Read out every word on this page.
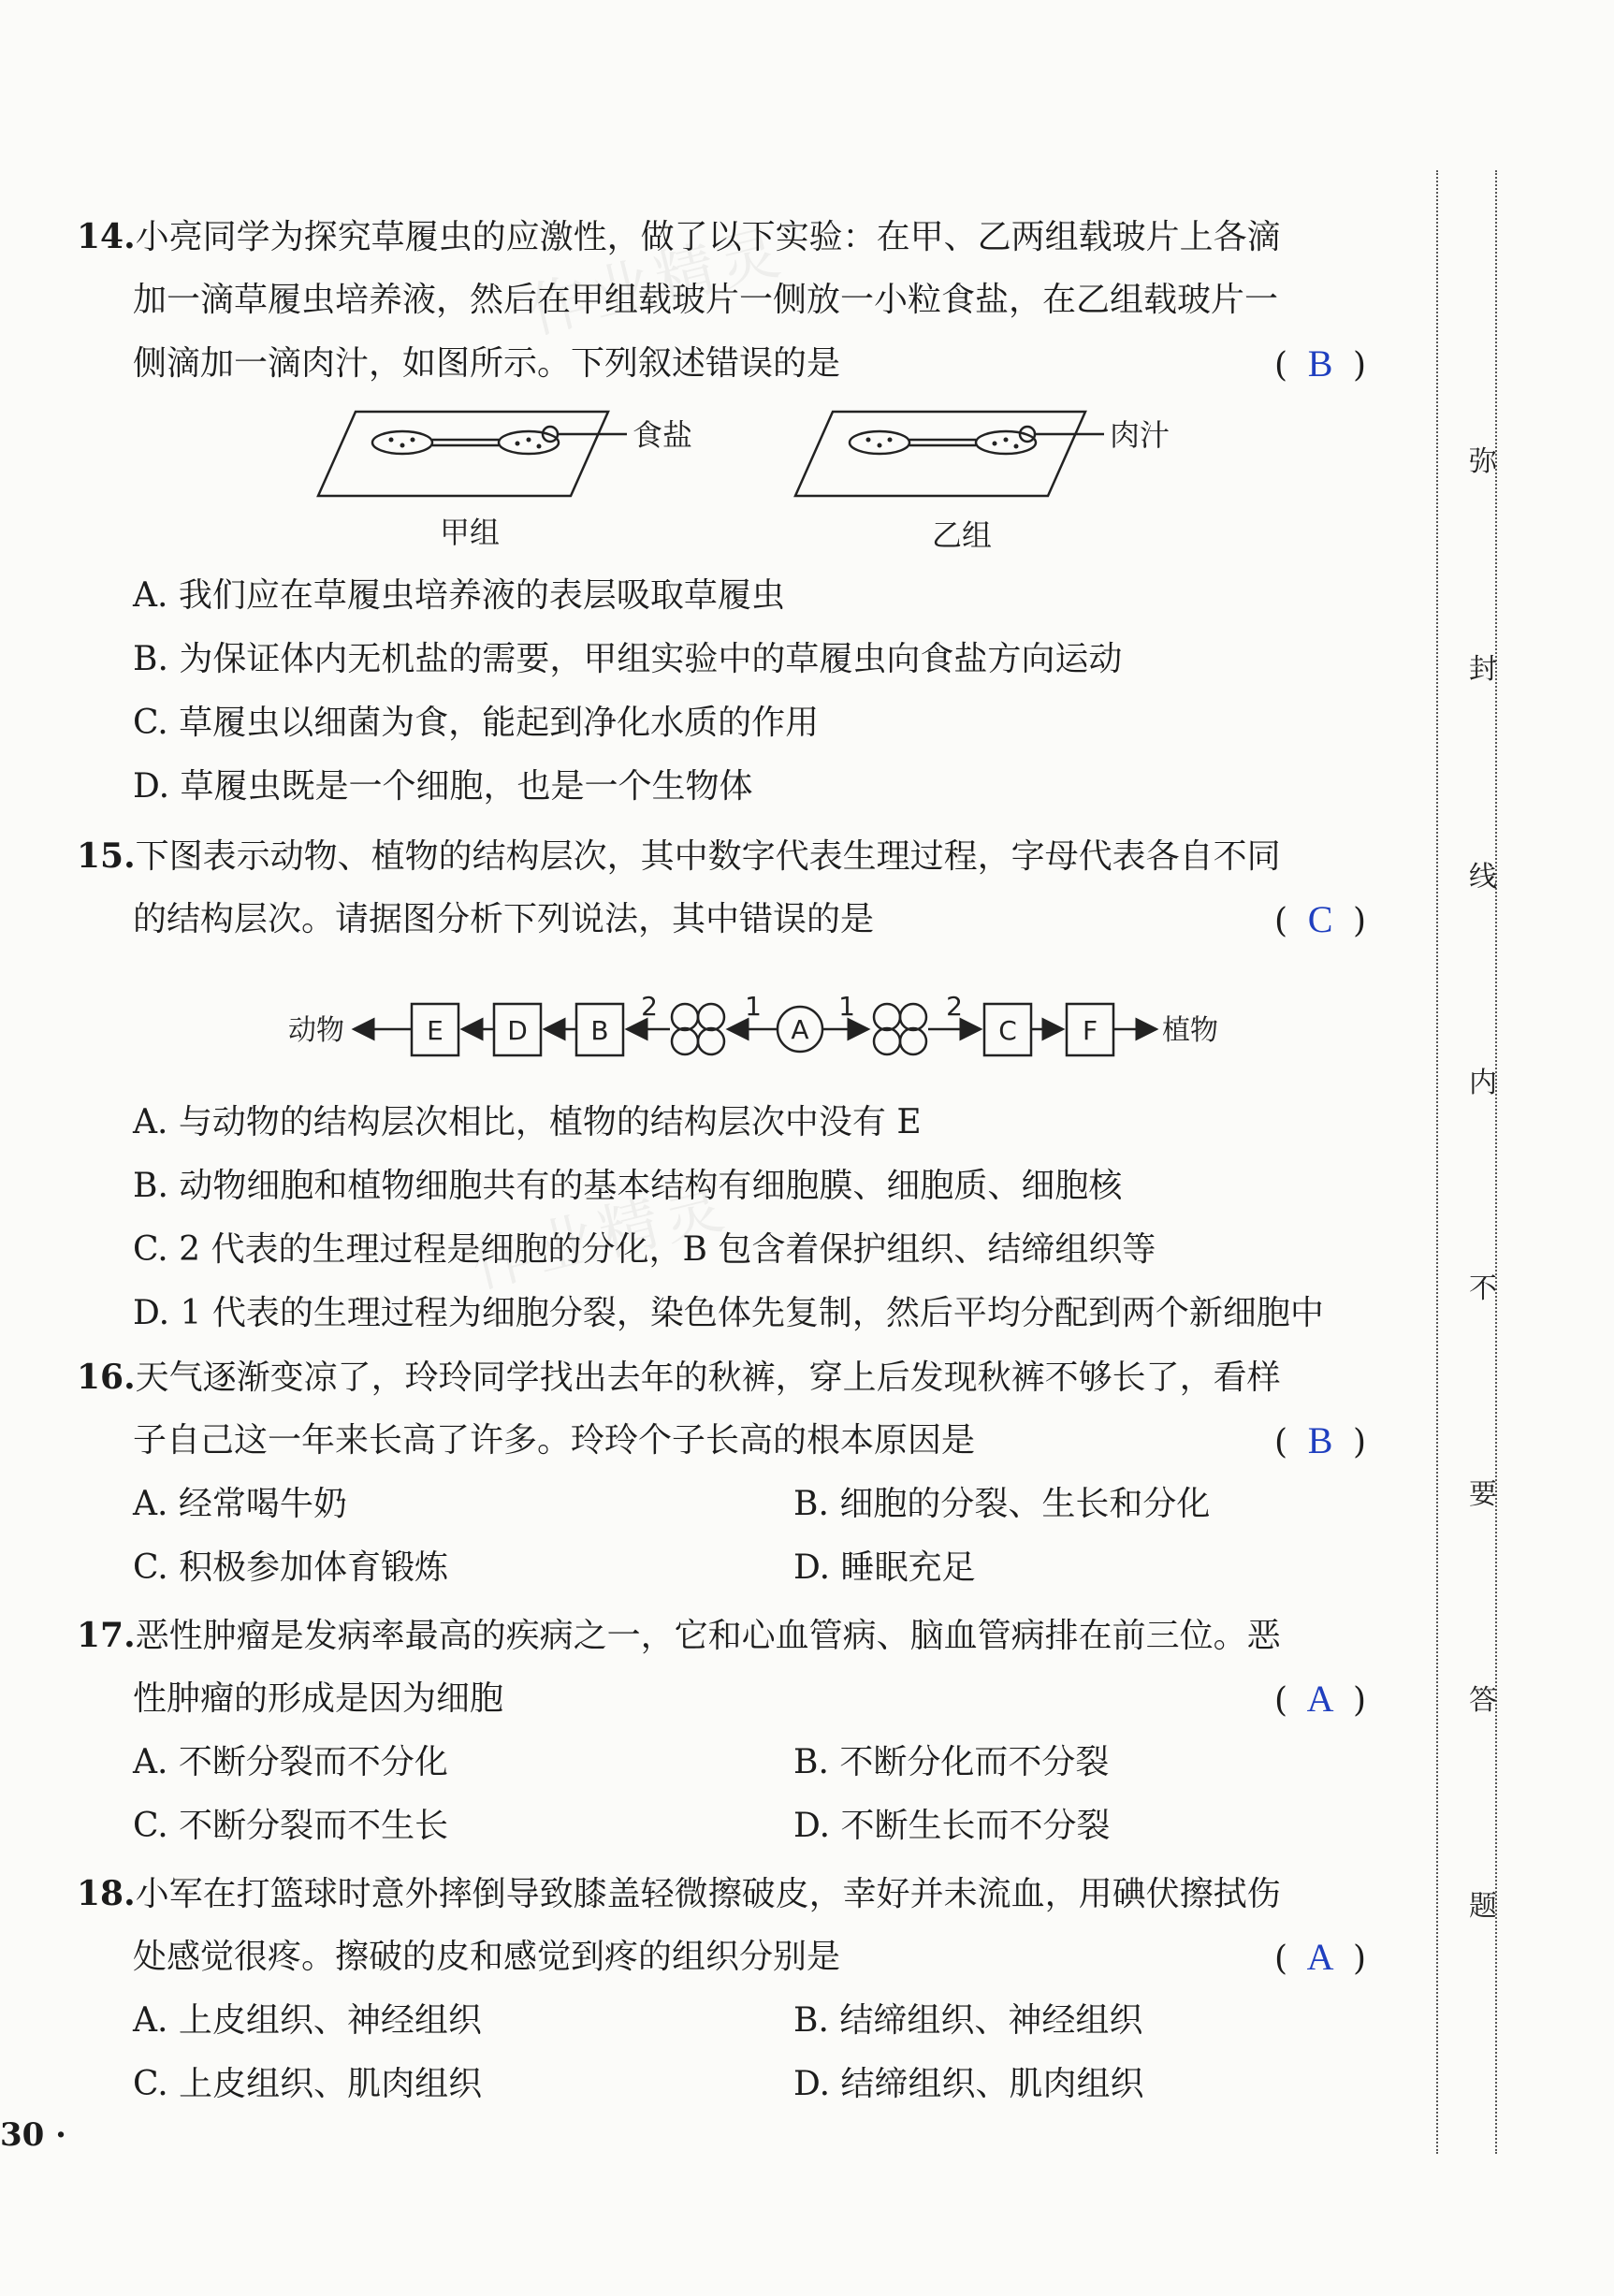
作业精灵
作业精灵
14.小亮同学为探究草履虫的应激性，做了以下实验：在甲、乙两组载玻片上各滴
加一滴草履虫培养液，然后在甲组载玻片一侧放一小粒食盐，在乙组载玻片一
侧滴加一滴肉汁，如图所示。下列叙述错误的是	( B )
食盐
甲组
肉汁
乙组
A. 我们应在草履虫培养液的表层吸取草履虫
B. 为保证体内无机盐的需要，甲组实验中的草履虫向食盐方向运动
C. 草履虫以细菌为食，能起到净化水质的作用
D. 草履虫既是一个细胞，也是一个生物体
15.下图表示动物、植物的结构层次，其中数字代表生理过程，字母代表各自不同
的结构层次。请据图分析下列说法，其中错误的是	( C )
E D B	A	C	F
2	1	1	2
动物	植物
A. 与动物的结构层次相比，植物的结构层次中没有 E
B. 动物细胞和植物细胞共有的基本结构有细胞膜、细胞质、细胞核
C. 2 代表的生理过程是细胞的分化，B 包含着保护组织、结缔组织等
D. 1 代表的生理过程为细胞分裂，染色体先复制，然后平均分配到两个新细胞中
16.天气逐渐变凉了，玲玲同学找出去年的秋裤，穿上后发现秋裤不够长了，看样
子自己这一年来长高了许多。玲玲个子长高的根本原因是	( B )
A. 经常喝牛奶	B. 细胞的分裂、生长和分化
C. 积极参加体育锻炼	D. 睡眠充足
17.恶性肿瘤是发病率最高的疾病之一，它和心血管病、脑血管病排在前三位。恶
性肿瘤的形成是因为细胞	( A )
A. 不断分裂而不分化	B. 不断分化而不分裂
C. 不断分裂而不生长	D. 不断生长而不分裂
18.小军在打篮球时意外摔倒导致膝盖轻微擦破皮，幸好并未流血，用碘伏擦拭伤
处感觉很疼。擦破的皮和感觉到疼的组织分别是	( A )
A. 上皮组织、神经组织	B. 结缔组织、神经组织
C. 上皮组织、肌肉组织	D. 结缔组织、肌肉组织
弥
封
线
内
不
要
答
题
30 ·
